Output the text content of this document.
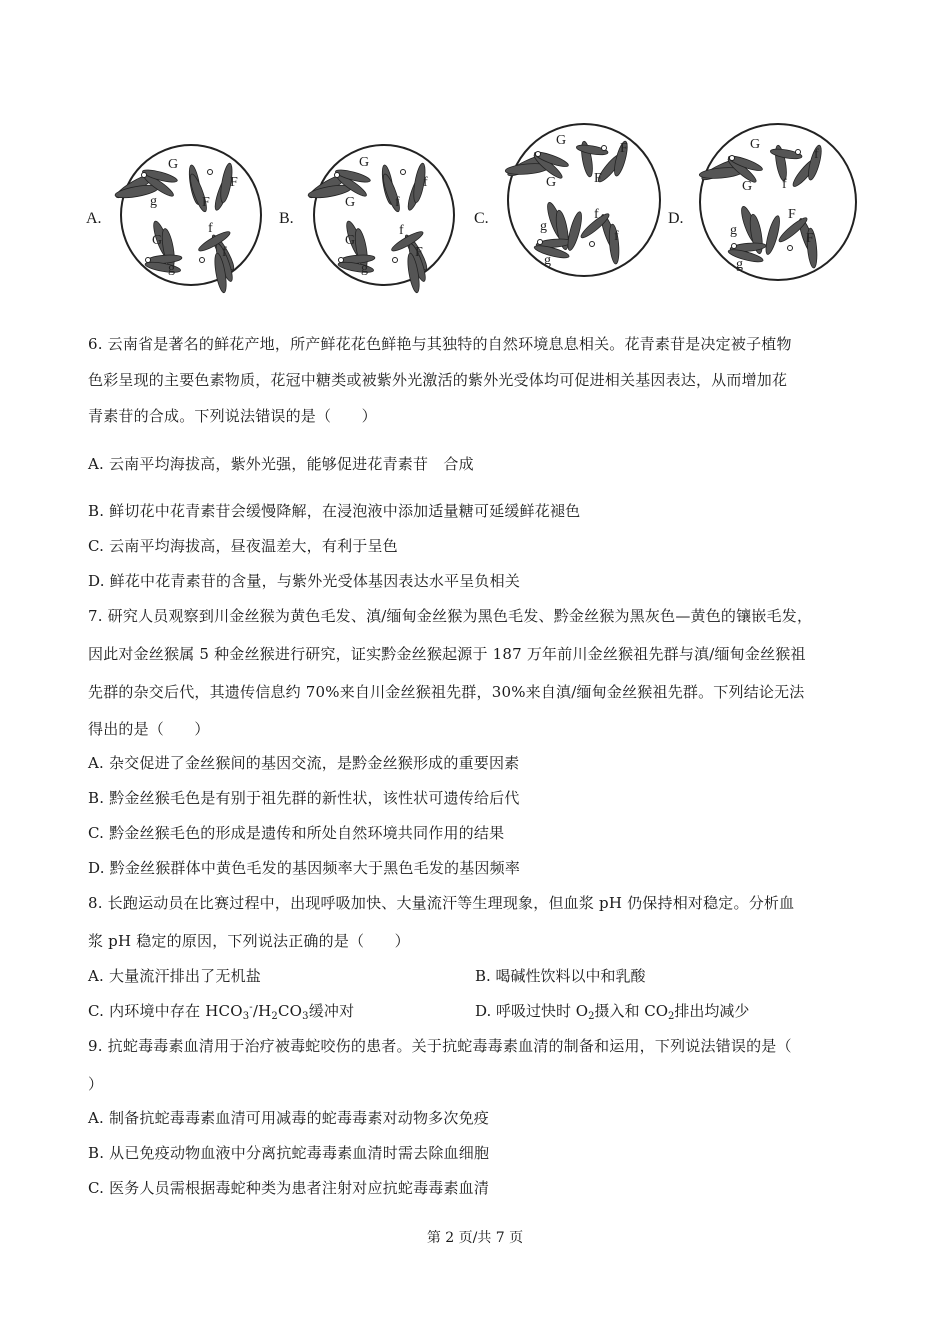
A.
G
g
F
F
G
g
f
f
B.
G
G
f
f
G
g
f
F
C.
G
G
F
F
g
g
f
f
D.
G
G
f
f
g
g
F
F
6. 云南省是著名的鲜花产地，所产鲜花花色鲜艳与其独特的自然环境息息相关。花青素苷是决定被子植物
色彩呈现的主要色素物质，花冠中糖类或被紫外光激活的紫外光受体均可促进相关基因表达，从而增加花
青素苷的合成。下列说法错误的是（　　）
A. 云南平均海拔高，紫外光强，能够促进花青素苷　合成
B. 鲜切花中花青素苷会缓慢降解，在浸泡液中添加适量糖可延缓鲜花褪色
C. 云南平均海拔高，昼夜温差大，有利于呈色
D. 鲜花中花青素苷的含量，与紫外光受体基因表达水平呈负相关
7. 研究人员观察到川金丝猴为黄色毛发、滇/缅甸金丝猴为黑色毛发、黔金丝猴为黑灰色—黄色的镶嵌毛发，
因此对金丝猴属 5 种金丝猴进行研究，证实黔金丝猴起源于 187 万年前川金丝猴祖先群与滇/缅甸金丝猴祖
先群的杂交后代，其遗传信息约 70%来自川金丝猴祖先群，30%来自滇/缅甸金丝猴祖先群。下列结论无法
得出的是（　　）
A. 杂交促进了金丝猴间的基因交流，是黔金丝猴形成的重要因素
B. 黔金丝猴毛色是有别于祖先群的新性状，该性状可遗传给后代
C. 黔金丝猴毛色的形成是遗传和所处自然环境共同作用的结果
D. 黔金丝猴群体中黄色毛发的基因频率大于黑色毛发的基因频率
8. 长跑运动员在比赛过程中，出现呼吸加快、大量流汗等生理现象，但血浆 pH 仍保持相对稳定。分析血
浆 pH 稳定的原因，下列说法正确的是（　　）
A. 大量流汗排出了无机盐	B. 喝碱性饮料以中和乳酸
C. 内环境中存在 $HCO_3^-/H_2CO_3$缓冲对	D. 呼吸过快时 $O_2$摄入和 $CO_2$排出均减少
9. 抗蛇毒毒素血清用于治疗被毒蛇咬伤的患者。关于抗蛇毒毒素血清的制备和运用，下列说法错误的是（
）
A. 制备抗蛇毒毒素血清可用减毒的蛇毒毒素对动物多次免疫
B. 从已免疫动物血液中分离抗蛇毒毒素血清时需去除血细胞
C. 医务人员需根据毒蛇种类为患者注射对应抗蛇毒毒素血清
第 2 页/共 7 页
